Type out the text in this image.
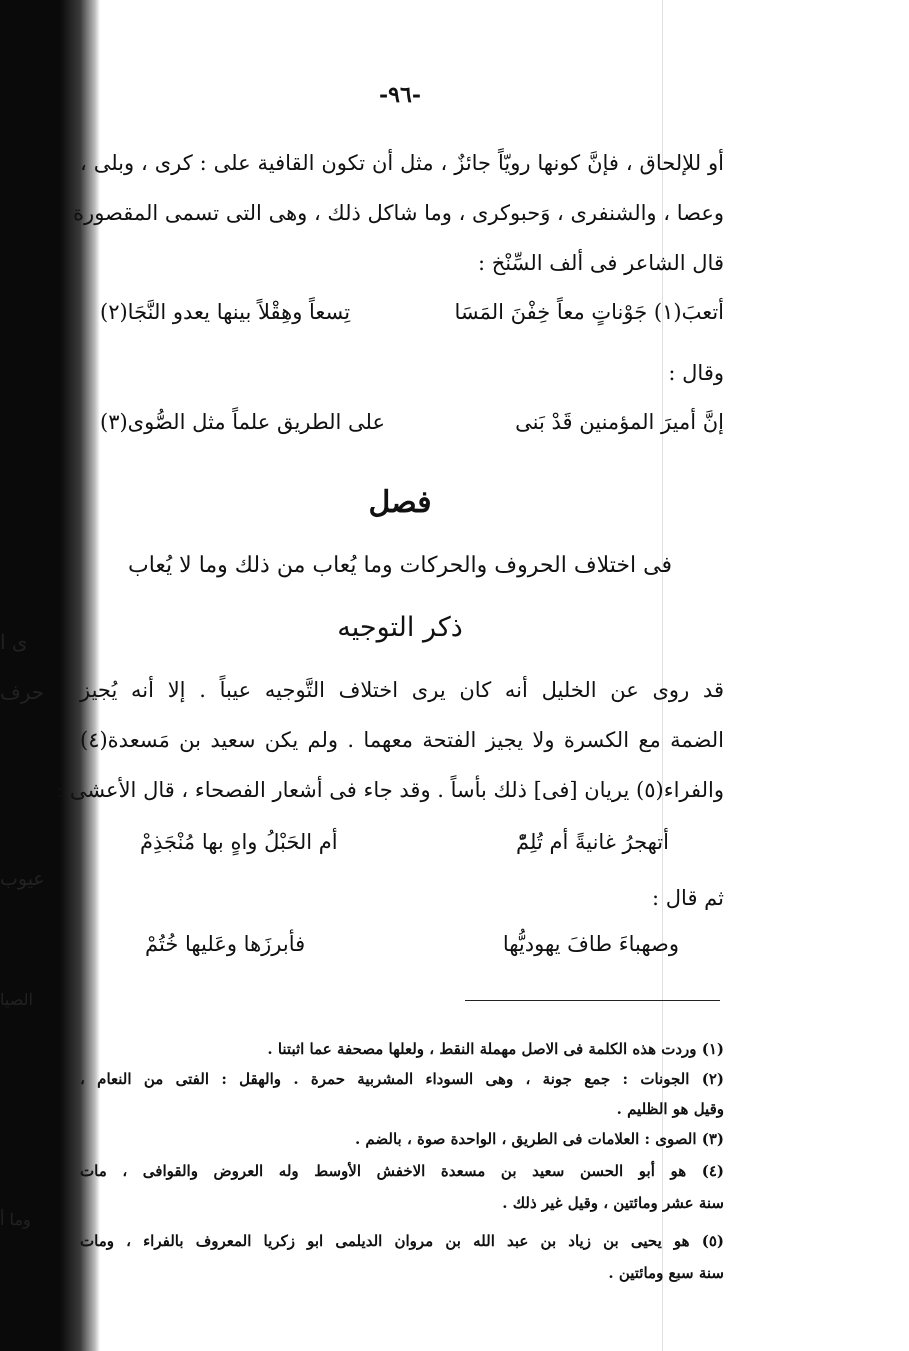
ى ا
حرف
عيوب
الصيا
وما أ
-٩٦-
أو للإلحاق ، فإنَّ كونها رويّاً جائزٌ ، مثل أن تكون القافية على : كرى ، وبلى ،
وعصا ، والشنفرى ، وَحبوكرى ، وما شاكل ذلك ، وهى التى تسمى المقصورة ،
قال الشاعر فى ألف السِّنْخ :
أتعبَ(١) جَوْناتٍ معاً خِفْنَ المَسَا
تِسعاً وهِقْلاً بينها يعدو النَّجَا(٢)
وقال :
إنَّ أميرَ المؤمنين قَدْ بَنى
على الطريق علماً مثل الصُّوى(٣)
فصل
فى اختلاف الحروف والحركات وما يُعاب من ذلك وما لا يُعاب
ذكر التوجيه
قد روى عن الخليل أنه كان يرى اختلاف التَّوجيه عيباً . إلا أنه يُجيز
الضمة مع الكسرة ولا يجيز الفتحة معهما . ولم يكن سعيد بن مَسعدة(٤)
والفراء(٥) يريان [فى] ذلك بأساً . وقد جاء فى أشعار الفصحاء ، قال الأعشى :
أتهجرُ غانيةً أم تُلِمّْ
أم الحَبْلُ واهٍ بها مُنْجَذِمْ
ثم قال :
وصهباءَ طافَ يهوديُّها
فأبرزَها وعَليها خُتُمْ
(١) وردت هذه الكلمة فى الاصل مهملة النقط ، ولعلها مصحفة عما اثبتنا .
(٢) الجونات : جمع جونة ، وهى السوداء المشربية حمرة . والهقل : الفتى من النعام ،
وقيل هو الظليم .
(٣) الصوى : العلامات فى الطريق ، الواحدة صوة ، بالضم .
(٤) هو أبو الحسن سعيد بن مسعدة الاخفش الأوسط وله العروض والقوافى ، مات
سنة عشر ومائتين ، وقيل غير ذلك .
(٥) هو يحيى بن زياد بن عبد الله بن مروان الديلمى ابو زكريا المعروف بالفراء ، ومات
سنة سبع ومائتين .
